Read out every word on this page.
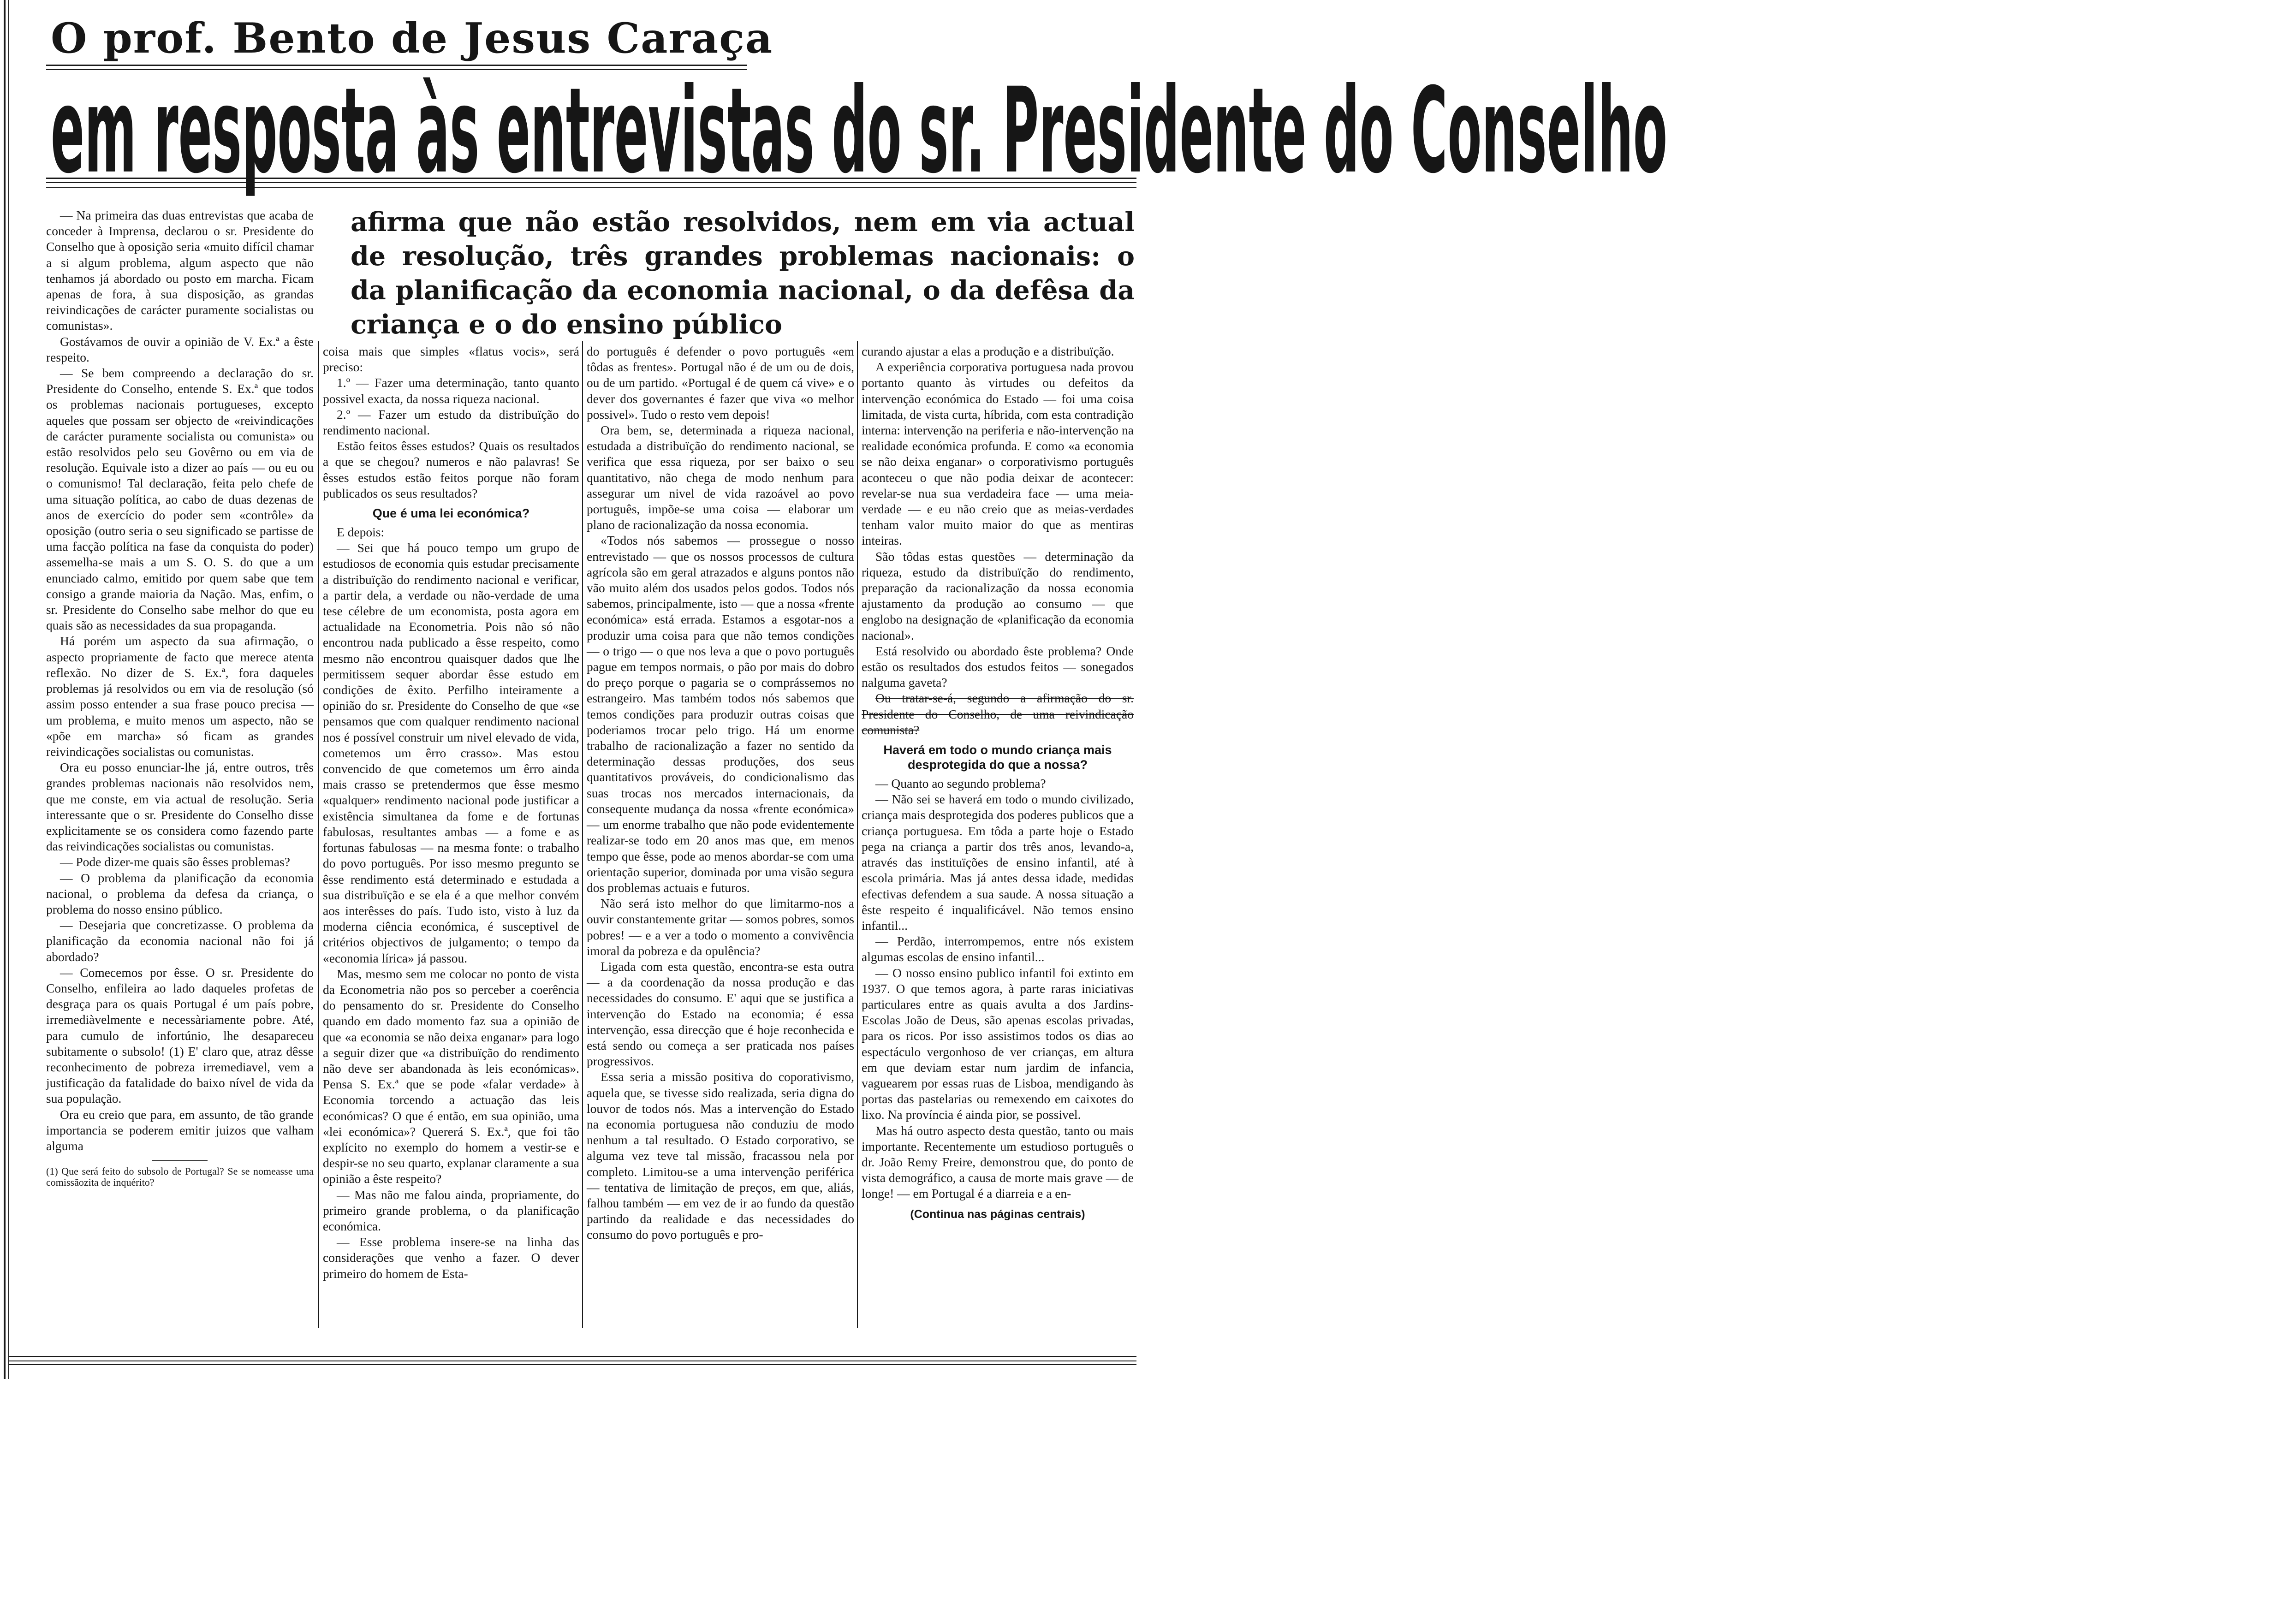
O prof. Bento de Jesus Caraça
em resposta às entrevistas do sr. Presidente do Conselho

afirma que não estão resolvidos, nem em via actual de resolução, três grandes problemas nacionais: o da planificação da economia nacional, o da defêsa da criança e o do ensino público

— Na primeira das duas entrevistas que acaba de conceder à Imprensa, declarou o sr. Presidente do Conselho que à oposição seria «muito difícil chamar a si algum problema, algum aspecto que não tenhamos já abordado ou posto em marcha. Ficam apenas de fora, à sua disposição, as grandas reivindicações de carácter puramente socialistas ou comunistas».

Gostávamos de ouvir a opinião de V. Ex.ª a êste respeito.

— Se bem compreendo a declaração do sr. Presidente do Conselho, entende S. Ex.ª que todos os problemas nacionais portugueses, excepto aqueles que possam ser objecto de «reivindicações de carácter puramente socialista ou comunista» ou estão resolvidos pelo seu Govêrno ou em via de resolução. Equivale isto a dizer ao país — ou eu ou o comunismo! Tal declaração, feita pelo chefe de uma situação política, ao cabo de duas dezenas de anos de exercício do poder sem «contrôle» da oposição (outro seria o seu significado se partisse de uma facção política na fase da conquista do poder) assemelha-se mais a um S. O. S. do que a um enunciado calmo, emitido por quem sabe que tem consigo a grande maioria da Nação. Mas, enfim, o sr. Presidente do Conselho sabe melhor do que eu quais são as necessidades da sua propaganda.

Há porém um aspecto da sua afirmação, o aspecto propriamente de facto que merece atenta reflexão. No dizer de S. Ex.ª, fora daqueles problemas já resolvidos ou em via de resolução (só assim posso entender a sua frase pouco precisa — um problema, e muito menos um aspecto, não se «põe em marcha» só ficam as grandes reivindicações socialistas ou comunistas.

Ora eu posso enunciar-lhe já, entre outros, três grandes problemas nacionais não resolvidos nem, que me conste, em via actual de resolução. Seria interessante que o sr. Presidente do Conselho disse explicitamente se os considera como fazendo parte das reivindicações socialistas ou comunistas.

— Pode dizer-me quais são êsses problemas?

— O problema da planificação da economia nacional, o problema da defesa da criança, o problema do nosso ensino público.

— Desejaria que concretizasse. O problema da planificação da economia nacional não foi já abordado?

— Comecemos por êsse. O sr. Presidente do Conselho, enfileira ao lado daqueles profetas de desgraça para os quais Portugal é um país pobre, irremediàvelmente e necessàriamente pobre. Até, para cumulo de infortúnio, lhe desapareceu subitamente o subsolo! (1) E' claro que, atraz dêsse reconhecimento de pobreza irremediavel, vem a justificação da fatalidade do baixo nível de vida da sua população.

Ora eu creio que para, em assunto, de tão grande importancia se poderem emitir juizos que valham alguma

(1) Que será feito do subsolo de Portugal? Se se nomeasse uma comissãozita de inquérito?

coisa mais que simples «flatus vocis», será preciso:

1.º — Fazer uma determinação, tanto quanto possivel exacta, da nossa riqueza nacional.

2.º — Fazer um estudo da distribuïção do rendimento nacional.

Estão feitos êsses estudos? Quais os resultados a que se chegou? numeros e não palavras! Se êsses estudos estão feitos porque não foram publicados os seus resultados?

Que é uma lei económica?

E depois:

— Sei que há pouco tempo um grupo de estudiosos de economia quis estudar precisamente a distribuïção do rendimento nacional e verificar, a partir dela, a verdade ou não-verdade de uma tese célebre de um economista, posta agora em actualidade na Econometria. Pois não só não encontrou nada publicado a êsse respeito, como mesmo não encontrou quaisquer dados que lhe permitissem sequer abordar êsse estudo em condições de êxito. Perfilho inteiramente a opinião do sr. Presidente do Conselho de que «se pensamos que com qualquer rendimento nacional nos é possível construir um nivel elevado de vida, cometemos um êrro crasso». Mas estou convencido de que cometemos um êrro ainda mais crasso se pretendermos que êsse mesmo «qualquer» rendimento nacional pode justificar a existência simultanea da fome e de fortunas fabulosas, resultantes ambas — a fome e as fortunas fabulosas — na mesma fonte: o trabalho do povo português. Por isso mesmo pregunto se êsse rendimento está determinado e estudada a sua distribuïção e se ela é a que melhor convém aos interêsses do país. Tudo isto, visto à luz da moderna ciência económica, é susceptivel de critérios objectivos de julgamento; o tempo da «economia lírica» já passou.

Mas, mesmo sem me colocar no ponto de vista da Econometria não pos so perceber a coerência do pensamento do sr. Presidente do Conselho quando em dado momento faz sua a opinião de que «a economia se não deixa enganar» para logo a seguir dizer que «a distribuïção do rendimento não deve ser abandonada às leis económicas». Pensa S. Ex.ª que se pode «falar verdade» à Economia torcendo a actuação das leis económicas? O que é então, em sua opinião, uma «lei económica»? Quererá S. Ex.ª, que foi tão explícito no exemplo do homem a vestir-se e despir-se no seu quarto, explanar claramente a sua opinião a êste respeito?

— Mas não me falou ainda, propriamente, do primeiro grande problema, o da planificação económica.

— Esse problema insere-se na linha das considerações que venho a fazer. O dever primeiro do homem de Esta-

do português é defender o povo português «em tôdas as frentes». Portugal não é de um ou de dois, ou de um partido. «Portugal é de quem cá vive» e o dever dos governantes é fazer que viva «o melhor possivel». Tudo o resto vem depois!

Ora bem, se, determinada a riqueza nacional, estudada a distribuïção do rendimento nacional, se verifica que essa riqueza, por ser baixo o seu quantitativo, não chega de modo nenhum para assegurar um nivel de vida razoável ao povo português, impõe-se uma coisa — elaborar um plano de racionalização da nossa economia.

«Todos nós sabemos — prosseguе o nosso entrevistado — que os nossos processos de cultura agrícola são em geral atrazados e alguns pontos não vão muito além dos usados pelos godos. Todos nós sabemos, principalmente, isto — que a nossa «frente económica» está errada. Estamos a esgotar-nos a produzir uma coisa para que não temos condições — o trigo — o que nos leva a que o povo português pague em tempos normais, o pão por mais do dobro do preço porque o pagaria se o comprássemos no estrangeiro. Mas também todos nós sabemos que temos condições para produzir outras coisas que poderiamos trocar pelo trigo. Há um enorme trabalho de racionalização a fazer no sentido da determinação dessas produções, dos seus quantitativos prováveis, do condicionalismo das suas trocas nos mercados internacionais, da consequente mudança da nossa «frente económica» — um enorme trabalho que não pode evidentemente realizar-se todo em 20 anos mas que, em menos tempo que êsse, pode ao menos abordar-se com uma orientação superior, dominada por uma visão segura dos problemas actuais e futuros.

Não será isto melhor do que limitarmo-nos a ouvir constantemente gritar — somos pobres, somos pobres! — e a ver a todo o momento a convivência imoral da pobreza e da opulência?

Ligada com esta questão, encontra-se esta outra — a da coordenação da nossa produção e das necessidades do consumo. E' aqui que se justifica a intervenção do Estado na economia; é essa intervenção, essa direcção que é hoje reconhecida e está sendo ou começa a ser praticada nos países progressivos.

Essa seria a missão positiva do coporativismo, aquela que, se tivesse sido realizada, seria digna do louvor de todos nós. Mas a intervenção do Estado na economia portuguesa não conduziu de modo nenhum a tal resultado. O Estado corporativo, se alguma vez teve tal missão, fracassou nela por completo. Limitou-se a uma intervenção periférica — tentativa de limitação de preços, em que, aliás, falhou também — em vez de ir ao fundo da questão partindo da realidade e das necessidades do consumo do povo português e pro-

curando ajustar a elas a produção e a distribuïção.

A experiência corporativa portuguesa nada provou portanto quanto às virtudes ou defeitos da intervenção económica do Estado — foi uma coisa limitada, de vista curta, híbrida, com esta contradição interna: intervenção na periferia e não-intervenção na realidade económica profunda. E como «a economia se não deixa enganar» o corporativismo português aconteceu o que não podia deixar de acontecer: revelar-se nua sua verdadeira face — uma meia-verdade — e eu não creio que as meias-verdades tenham valor muito maior do que as mentiras inteiras.

São tôdas estas questões — determinação da riqueza, estudo da distribuïção do rendimento, preparação da racionalização da nossa economia ajustamento da produção ao consumo — que englobo na designação de «planificação da economia nacional».

Está resolvido ou abordado êste problema? Onde estão os resultados dos estudos feitos — sonegados nalguma gaveta?

Ou tratar-se-á, segundo a afirmação do sr. Presidente do Conselho, de uma reivindicação comunista?

Haverá em todo o mundo criança mais desprotegida do que a nossa?

— Quanto ao segundo problema?

— Não sei se haverá em todo o mundo civilizado, criança mais desprotegida dos poderes publicos que a criança portuguesa. Em tôda a parte hoje o Estado pega na criança a partir dos três anos, levando-a, através das instituïções de ensino infantil, até à escola primária. Mas já antes dessa idade, medidas efectivas defendem a sua saude. A nossa situação a êste respeito é inqualificável. Não temos ensino infantil...

— Perdão, interrompemos, entre nós existem algumas escolas de ensino infantil...

— O nosso ensino publico infantil foi extinto em 1937. O que temos agora, à parte raras iniciativas particulares entre as quais avulta a dos Jardins-Escolas João de Deus, são apenas escolas privadas, para os ricos. Por isso assistimos todos os dias ao espectáculo vergonhoso de ver crianças, em altura em que deviam estar num jardim de infancia, vaguearem por essas ruas de Lisboa, mendigando às portas das pastelarias ou remexendo em caixotes do lixo. Na província é ainda pior, se possivel.

Mas há outro aspecto desta questão, tanto ou mais importante. Recentemente um estudioso português o dr. João Remy Freire, demonstrou que, do ponto de vista demográfico, a causa de morte mais grave — de longe! — em Portugal é a diarreia e a en-

(Continua nas páginas centrais)
